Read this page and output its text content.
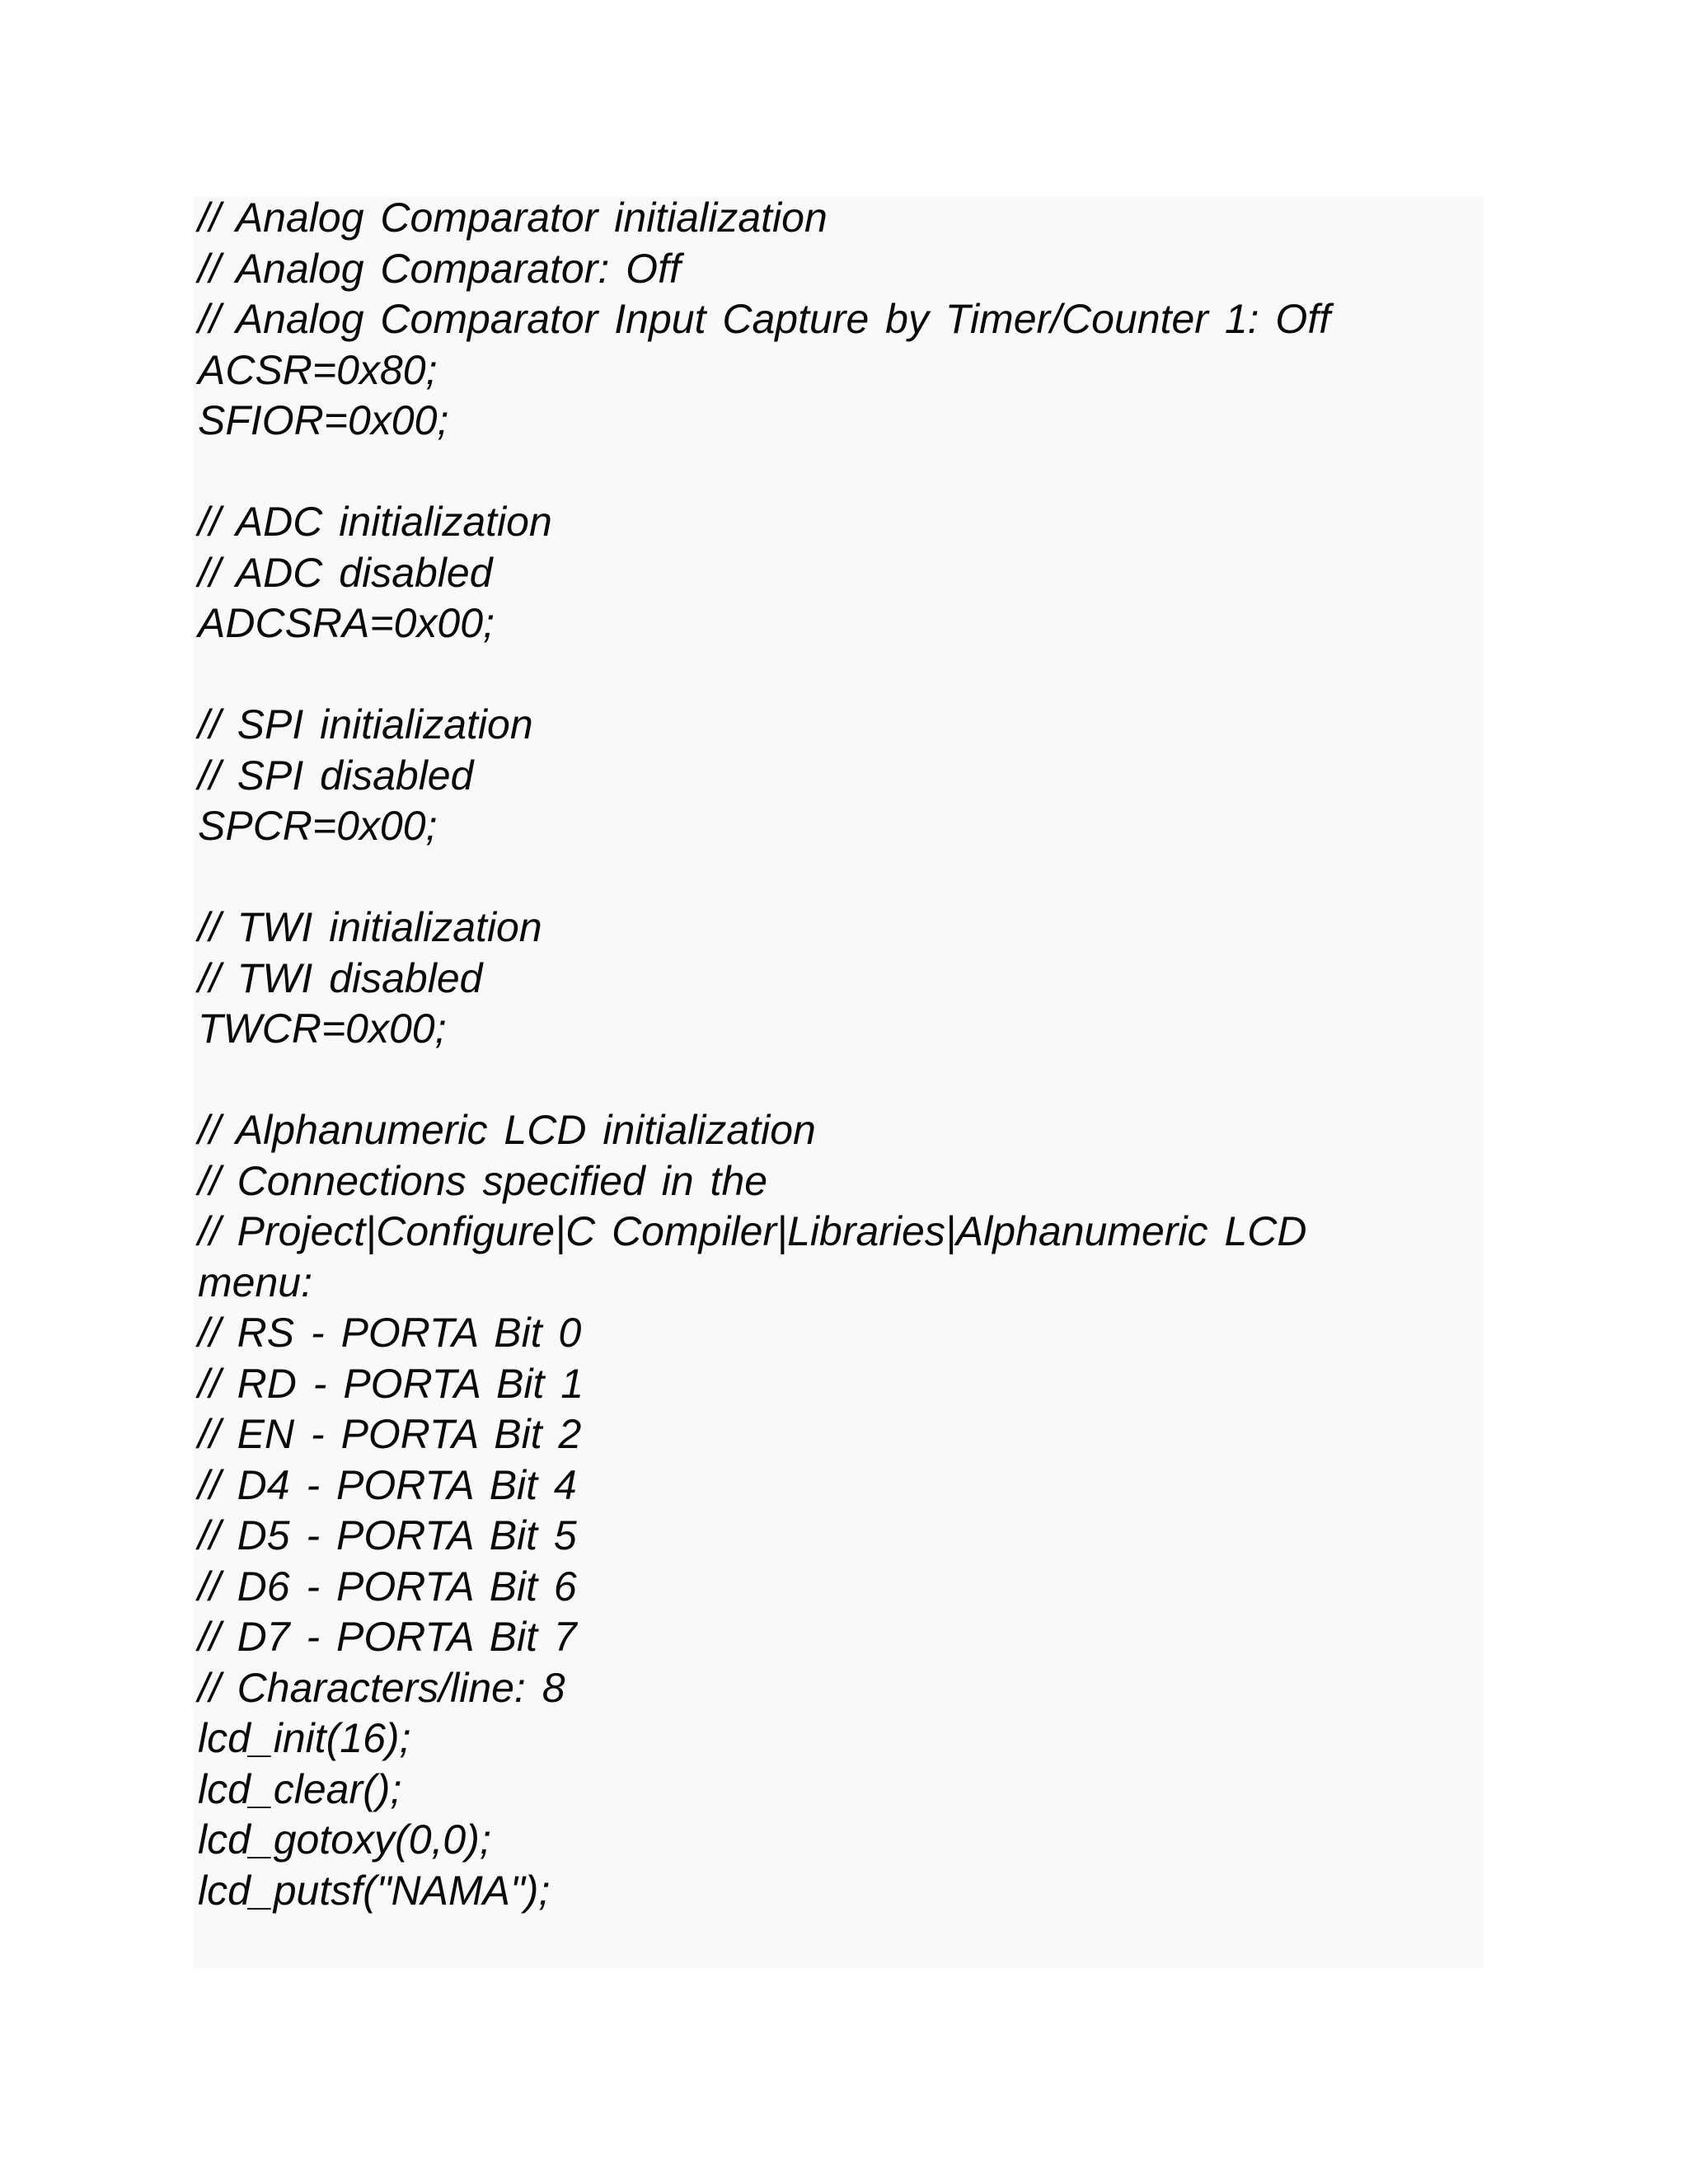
// Analog Comparator initialization
// Analog Comparator: Off
// Analog Comparator Input Capture by Timer/Counter 1: Off
ACSR=0x80;
SFIOR=0x00;
// ADC initialization
// ADC disabled
ADCSRA=0x00;
// SPI initialization
// SPI disabled
SPCR=0x00;
// TWI initialization
// TWI disabled
TWCR=0x00;
// Alphanumeric LCD initialization
// Connections specified in the
// Project|Configure|C Compiler|Libraries|Alphanumeric LCD
menu:
// RS - PORTA Bit 0
// RD - PORTA Bit 1
// EN - PORTA Bit 2
// D4 - PORTA Bit 4
// D5 - PORTA Bit 5
// D6 - PORTA Bit 6
// D7 - PORTA Bit 7
// Characters/line: 8
lcd_init(16);
lcd_clear();
lcd_gotoxy(0,0);
lcd_putsf("NAMA");
